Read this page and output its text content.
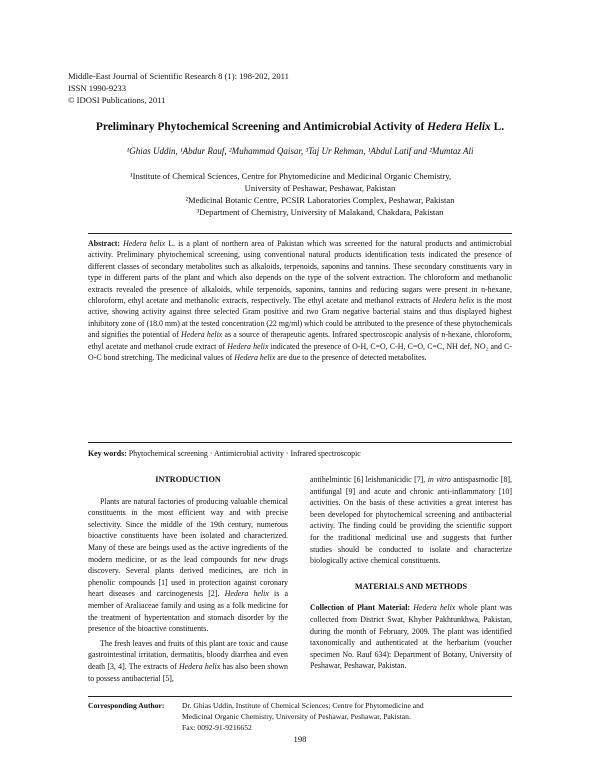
Middle-East Journal of Scientific Research 8 (1): 198-202, 2011
ISSN 1990-9233
© IDOSI Publications, 2011
Preliminary Phytochemical Screening and Antimicrobial Activity of Hedera Helix L.
¹Ghias Uddin, ¹Abdur Rauf, ²Muhammad Qaisar, ³Taj Ur Rehman, ¹Abdul Latif and ²Mumtaz Ali
¹Institute of Chemical Sciences, Centre for Phytomedicine and Medicinal Organic Chemistry,
University of Peshawar, Peshawar, Pakistan
²Medicinal Botanic Centre, PCSIR Laboratories Complex, Peshawar, Pakistan
³Department of Chemistry, University of Malakand, Chakdara, Pakistan
Abstract: Hedera helix L. is a plant of northern area of Pakistan which was screened for the natural products and antimicrobial activity. Preliminary phytochemical screening, using conventional natural products identification tests indicated the presence of different classes of secondary metabolites such as alkaloids, terpenoids, saponins and tannins. These secondary constituents vary in type in different parts of the plant and which also depends on the type of the solvent extraction. The chloroform and methanolic extracts revealed the presence of alkaloids, while terpenoids, saponins, tannins and reducing sugars were present in n-hexane, chloroform, ethyl acetate and methanolic extracts, respectively. The ethyl acetate and methanol extracts of Hedera helix is the most active, showing activity against three selected Gram positive and two Gram negative bacterial stains and thus displayed highest inhibitory zone of (18.0 mm) at the tested concentration (22 mg/ml) which could be attributed to the presence of these phytochemicals and signifies the potential of Hedera helix as a source of therapeutic agents. Infrared spectroscopic analysis of n-hexane, chloroform, ethyl acetate and methanol crude extract of Hedera helix indicated the presence of O-H, C=O, C-H, C=O, C=C, NH def, NO₂ and C-O-C bond stretching. The medicinal values of Hedera helix are due to the presence of detected metabolites.
Key words: Phytochemical screening · Antimicrobial activity · Infrared spectroscopic
INTRODUCTION

Plants are natural factories of producing valuable chemical constituents in the most efficient way and with precise selectivity. Since the middle of the 19th century, numerous bioactive constituents have been isolated and characterized. Many of these are beings used as the active ingredients of the modern medicine, or as the lead compounds for new drugs discovery. Several plants derived medicines, are rich in phenolic compounds [1] used in protection against coronary heart diseases and carcinogenesis [2]. Hedera helix is a member of Araliaceae family and using as a folk medicine for the treatment of hypertentation and stomach disorder by the presence of the bioactive constituents.

The fresh leaves and fruits of this plant are toxic and cause gastrointestinal irritation, dermatitis, bloody diarrhea and even death [3, 4]. The extracts of Hedera helix has also been shown to possess antibacterial [5],

antihelmintic [6] leishmanicidic [7], in vitro antispasmodic [8], antifungal [9] and acute and chronic anti-inflammatory [10] activities. On the basis of these activities a great interest has been developed for phytochemical screening and antibacterial activity. The finding could be providing the scientific support for the traditional medicinal use and suggests that further studies should be conducted to isolate and characterize biologically active chemical constituents.

MATERIALS AND METHODS

Collection of Plant Material: Hedera helix whole plant was collected from District Swat, Khyber Pakhtunkhwa, Pakistan, during the month of February, 2009. The plant was identified taxonomically and authenticated at the herbarium (voucher specimen No. Rauf 634): Department of Botany, University of Peshawar, Peshawar, Pakistan.

Corresponding Author:	Dr. Ghias Uddin, Institute of Chemical Sciences; Centre for Phytomedicine and
Medicinal Organic Chemistry, University of Peshawar, Peshawar, Pakistan.
Fax: 0092-91-9216652
198
